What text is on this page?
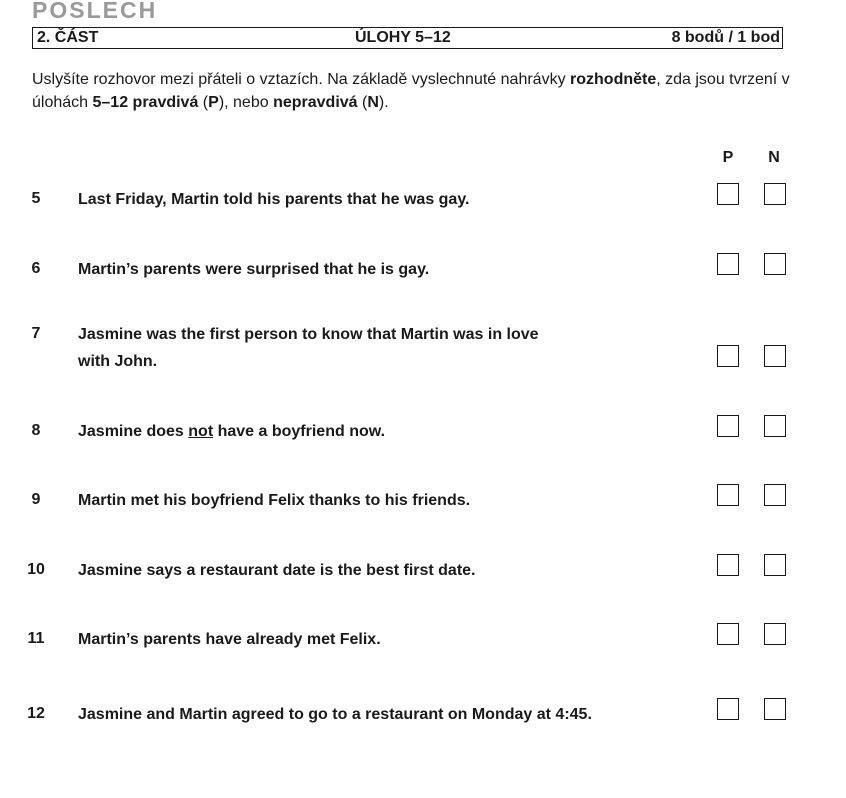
POSLECH
2. ČÁST	ÚLOHY 5–12	8 bodů / 1 bod
Uslyšíte rozhovor mezi přáteli o vztazích. Na základě vyslechnuté nahrávky rozhodněte, zda jsou tvrzení v úlohách 5–12 pravdivá (P), nebo nepravdivá (N).
P	N
5	Last Friday, Martin told his parents that he was gay.
6	Martin’s parents were surprised that he is gay.
7	Jasmine was the first person to know that Martin was in love
with John.
8	Jasmine does not have a boyfriend now.
9	Martin met his boyfriend Felix thanks to his friends.
10	Jasmine says a restaurant date is the best first date.
11	Martin’s parents have already met Felix.
12	Jasmine and Martin agreed to go to a restaurant on Monday at 4:45.
